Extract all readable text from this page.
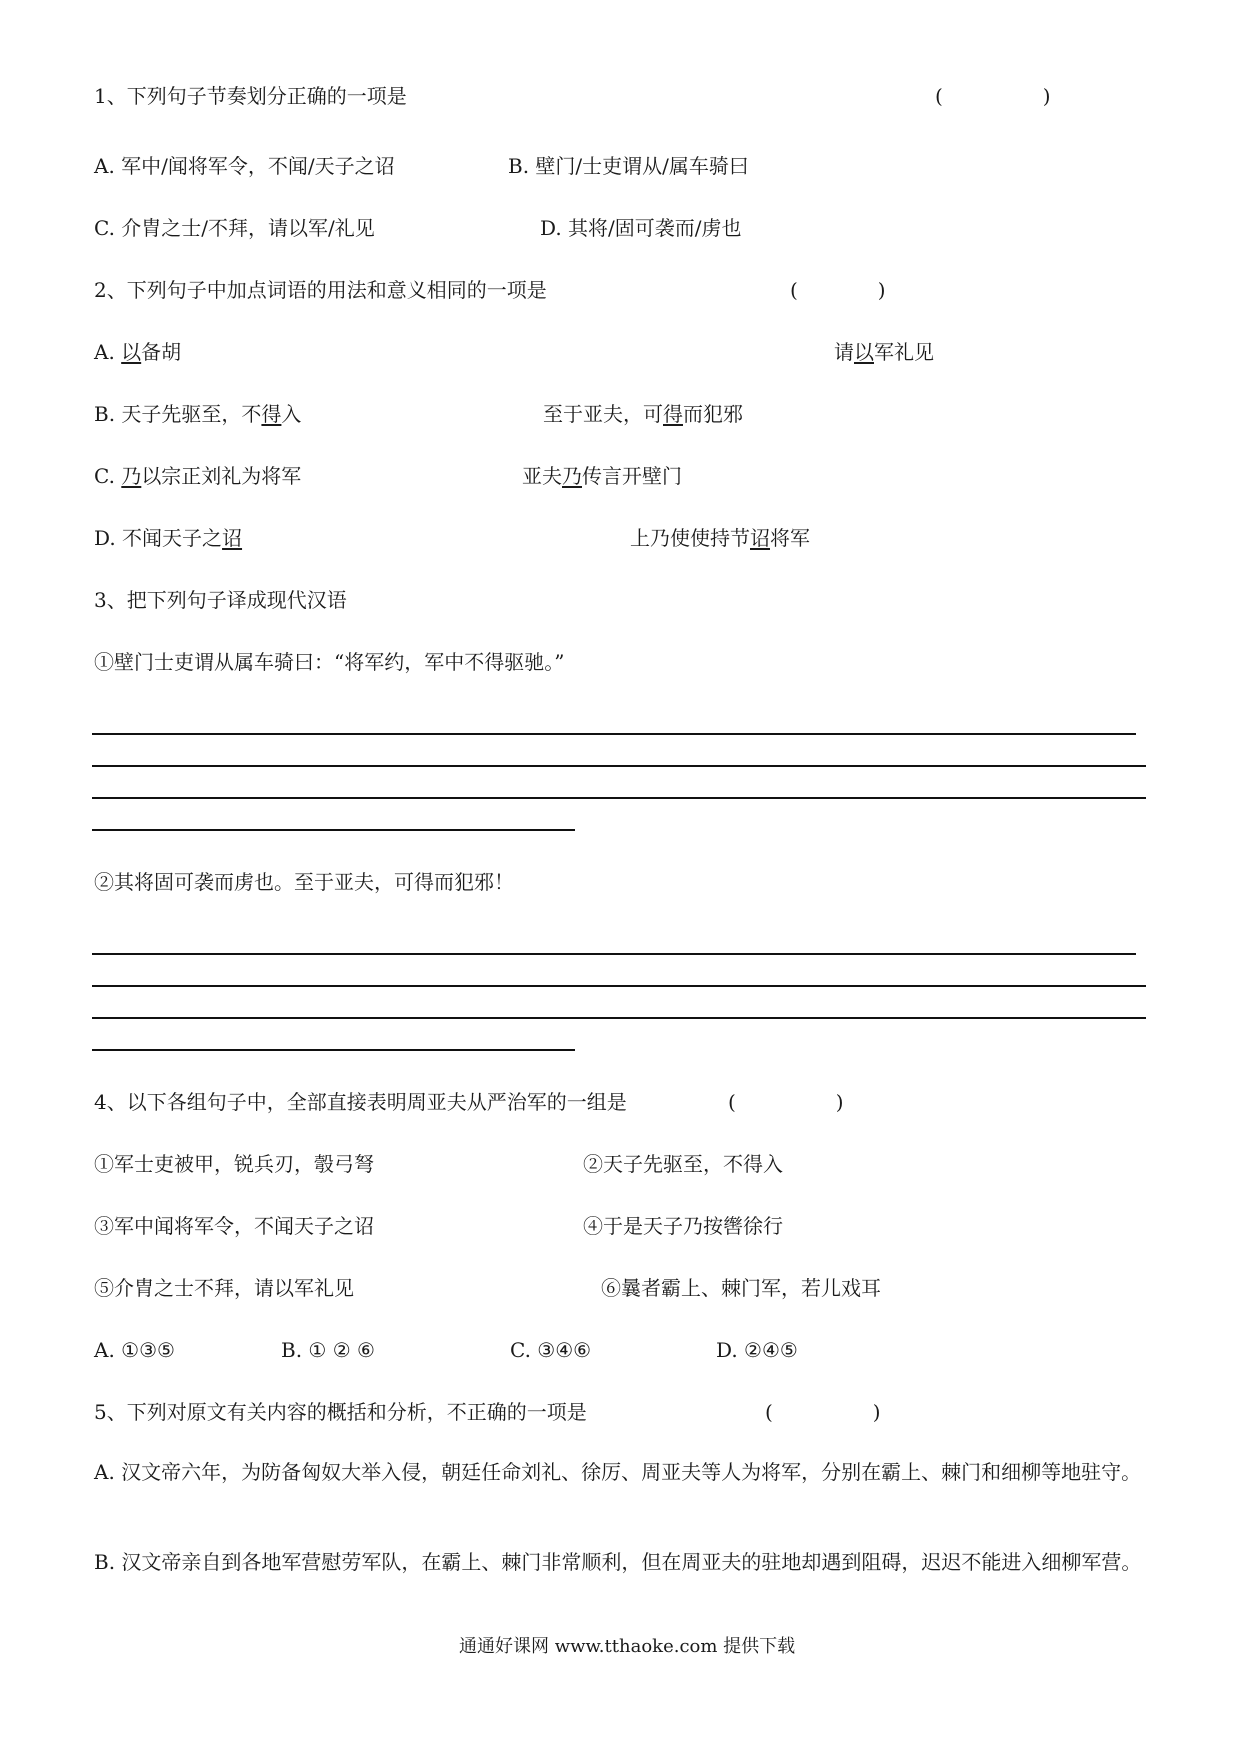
1、下列句子节奏划分正确的一项是	(　　　　　)
A. 军中/闻将军令，不闻/天子之诏	B. 壁门/士吏谓从/属车骑曰
C. 介胄之士/不拜，请以军/礼见	D. 其将/固可袭而/虏也
2、下列句子中加点词语的用法和意义相同的一项是	(　　　　)
A. 以备胡	请以军礼见
B. 天子先驱至，不得入	至于亚夫，可得而犯邪
C. 乃以宗正刘礼为将军	亚夫乃传言开壁门
D. 不闻天子之诏	上乃使使持节诏将军
3、把下列句子译成现代汉语
①壁门士吏谓从属车骑曰：“将军约，军中不得驱驰。”
②其将固可袭而虏也。至于亚夫，可得而犯邪！
4、以下各组句子中，全部直接表明周亚夫从严治军的一组是	(　　　　　)
①军士吏被甲，锐兵刃，彀弓弩	②天子先驱至，不得入
③军中闻将军令，不闻天子之诏	④于是天子乃按辔徐行
⑤介胄之士不拜，请以军礼见	⑥曩者霸上、棘门军，若儿戏耳
A. ①③⑤	B. ① ② ⑥	C. ③④⑥	D. ②④⑤
5、下列对原文有关内容的概括和分析，不正确的一项是	(　　　　　)
A. 汉文帝六年，为防备匈奴大举入侵，朝廷任命刘礼、徐厉、周亚夫等人为将军，分别在霸上、棘门和细柳等地驻守。
B. 汉文帝亲自到各地军营慰劳军队，在霸上、棘门非常顺利，但在周亚夫的驻地却遇到阻碍，迟迟不能进入细柳军营。
通通好课网 www.tthaoke.com 提供下载
